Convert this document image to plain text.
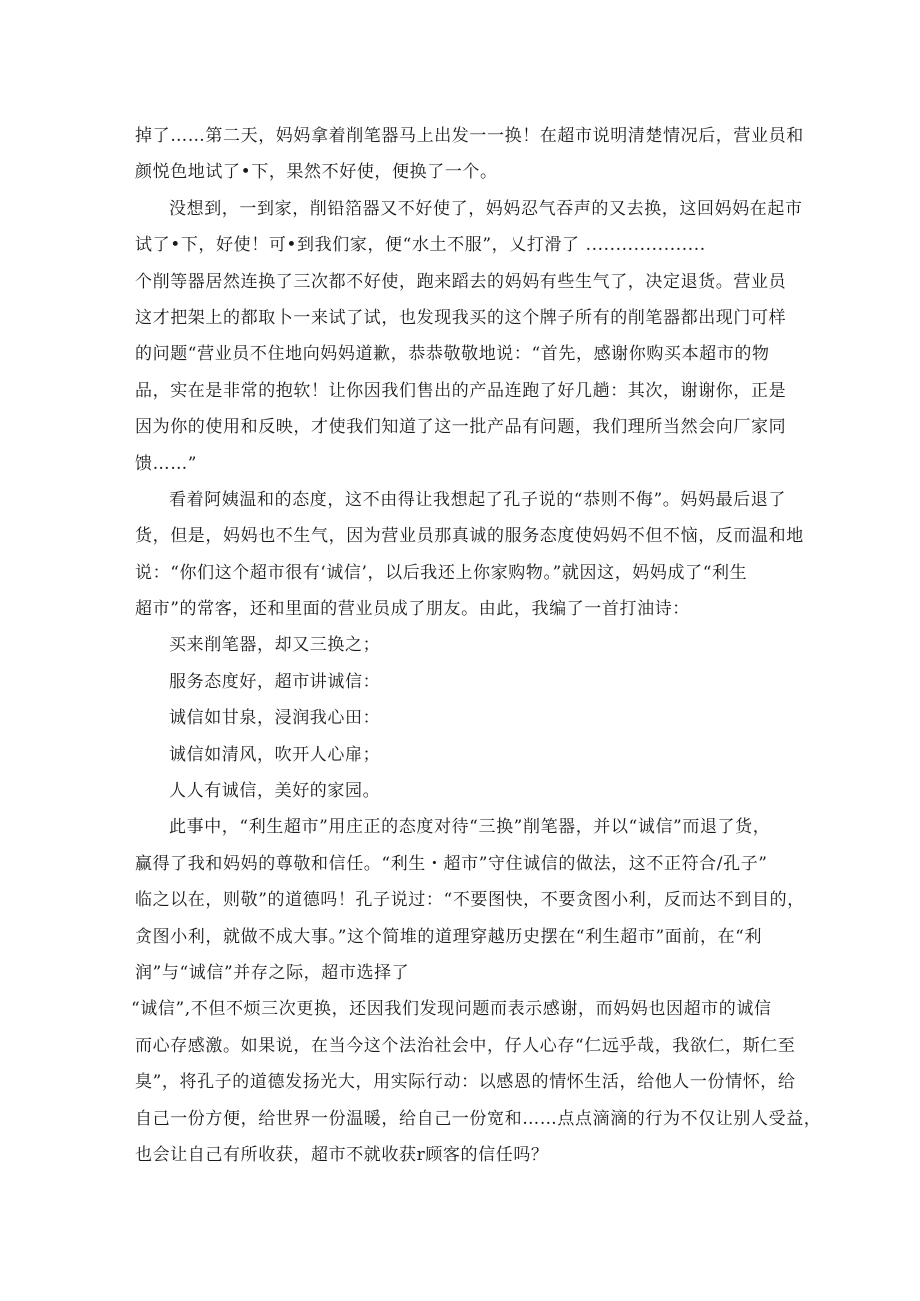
掉了……第二天，妈妈拿着削笔器马上出发一一换！在超市说明清楚情况后，营业员和
颜悦色地试了•下，果然不好使，便换了一个。
没想到，一到家，削铅箔器又不好使了，妈妈忍气吞声的又去换，这回妈妈在起市
试了•下，好使！可•到我们家，便“水土不服”，乂打滑了 ....................
个削等器居然连换了三次都不好使，跑来蹈去的妈妈有些生气了，决定退货。营业员
这才把架上的都取卜一来试了试，也发现我买的这个牌子所有的削笔器都出现门可样
的问题“营业员不住地向妈妈道歉，恭恭敬敬地说：“首先，感谢你购买本超市的物
品，实在是非常的抱软！让你因我们售出的产品连跑了好几趟：其次，谢谢你，正是
因为你的使用和反映，才使我们知道了这一批产品有问题，我们理所当然会向厂家同
馈……”
看着阿姨温和的态度，这不由得让我想起了孔子说的“恭则不侮”。妈妈最后退了
货，但是，妈妈也不生气，因为营业员那真诚的服务态度使妈妈不但不恼，反而温和地
说：“你们这个超市很有‘诚信’，以后我还上你家购物。”就因这，妈妈成了“利生
超市”的常客，还和里面的营业员成了朋友。由此，我编了一首打油诗：
买来削笔器，却又三换之；
服务态度好，超市讲诚信：
诚信如甘泉，浸润我心田：
诚信如清风，吹开人心扉；
人人有诚信，美好的家园。
此事中，“利生超市”用庄正的态度对待“三换”削笔器，并以“诚信”而退了货，
赢得了我和妈妈的尊敬和信任。“利生・超市”守住诚信的做法，这不正符合/孔子”
临之以在，则敬”的道德吗！孔子说过：“不要图快，不要贪图小利，反而达不到目的，
贪图小利，就做不成大事。”这个简堆的道理穿越历史摆在“利生超市”面前，在“利
润”与“诚信”并存之际，超市选择了
“诚信”,不但不烦三次更换，还因我们发现问题而表示感谢，而妈妈也因超市的诚信
而心存感激。如果说，在当今这个法治社会中，仔人心存“仁远乎哉，我欲仁，斯仁至
臭”，将孔子的道德发扬光大，用实际行动：以感恩的情怀生活，给他人一份情怀，给
自己一份方便，给世界一份温暖，给自己一份宽和……点点滴滴的行为不仅让别人受益，
也会让自己有所收获，超市不就收获r顾客的信任吗？
